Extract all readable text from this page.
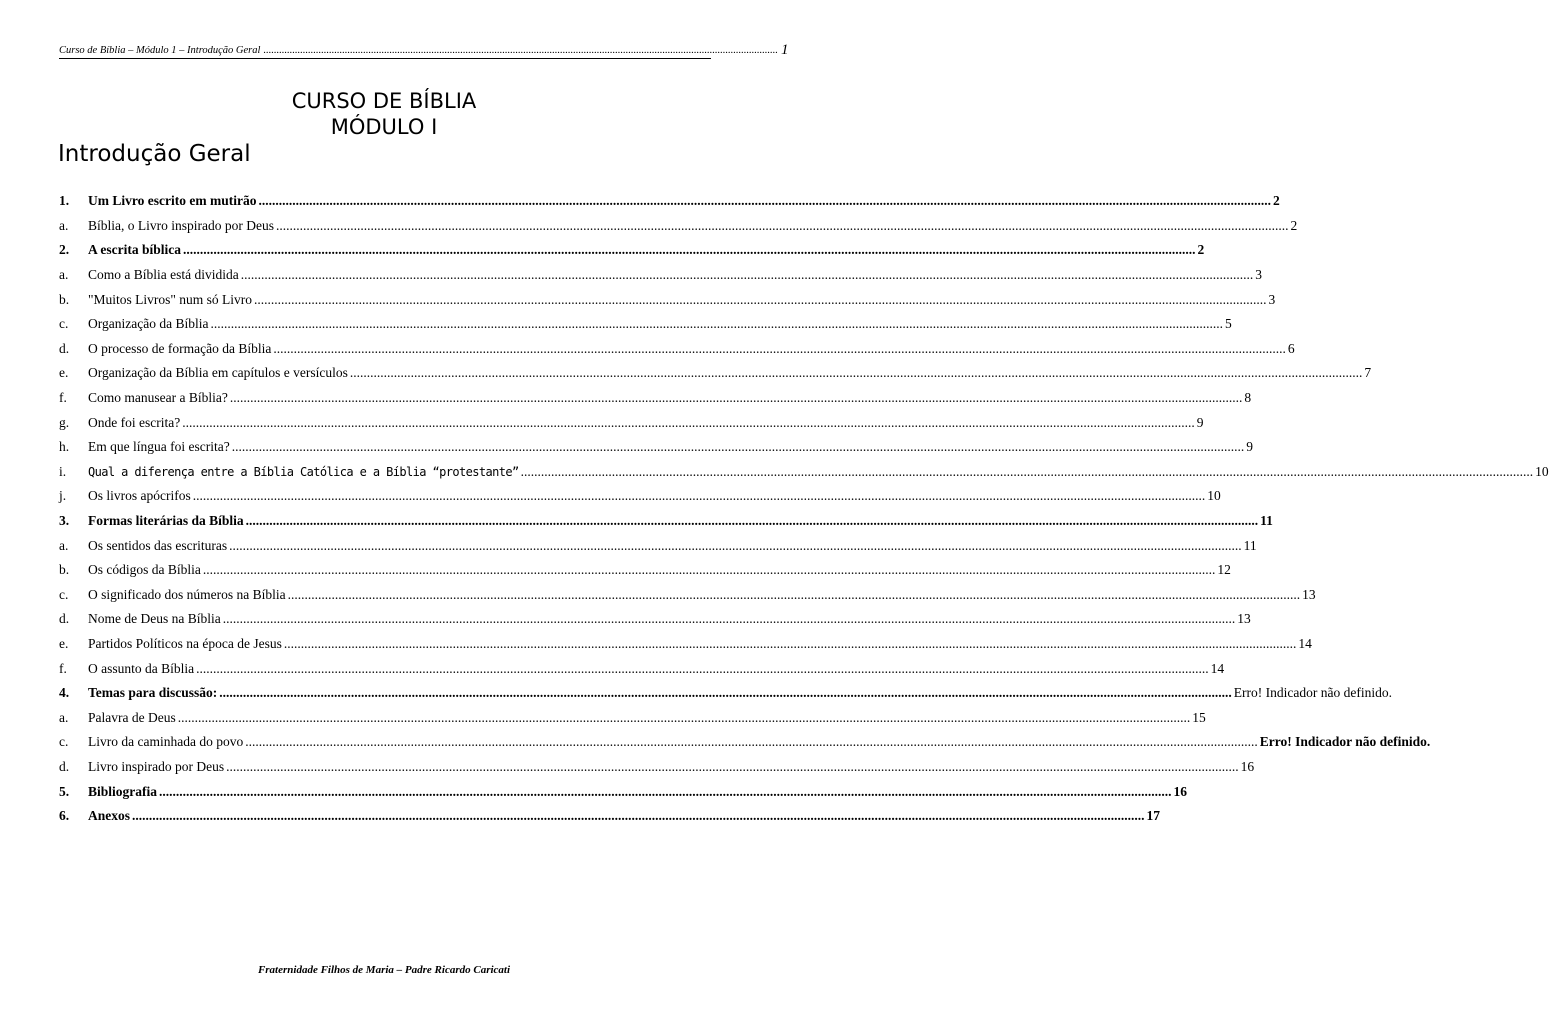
Curso de Bíblia – Módulo 1 – Introdução Geral .................................................................................................................................................................................................... 1
CURSO DE BÍBLIA
MÓDULO I
Introdução Geral
1.	Um Livro escrito em mutirão ............................................................................................................................................................................................................................................................................................................ 2
a.	Bíblia, o Livro inspirado por Deus ............................................................................................................................................................................................................................................................................................................ 2
2.	A escrita bíblica ............................................................................................................................................................................................................................................................................................................ 2
a.	Como a Bíblia está dividida ............................................................................................................................................................................................................................................................................................................ 3
b.	"Muitos Livros" num só Livro ............................................................................................................................................................................................................................................................................................................ 3
c.	Organização da Bíblia ............................................................................................................................................................................................................................................................................................................ 5
d.	O processo de formação da Bíblia ............................................................................................................................................................................................................................................................................................................ 6
e.	Organização da Bíblia em capítulos e versículos ............................................................................................................................................................................................................................................................................................................ 7
f.	Como manusear a Bíblia? ............................................................................................................................................................................................................................................................................................................ 8
g.	Onde foi escrita? ............................................................................................................................................................................................................................................................................................................ 9
h.	Em que língua foi escrita? ............................................................................................................................................................................................................................................................................................................ 9
i.	Qual a diferença entre a Bíblia Católica e a Bíblia “protestante” ............................................................................................................................................................................................................................................................................................................ 10
j.	Os livros apócrifos ............................................................................................................................................................................................................................................................................................................ 10
3.	Formas literárias da Bíblia ............................................................................................................................................................................................................................................................................................................ 11
a.	Os sentidos das escrituras ............................................................................................................................................................................................................................................................................................................ 11
b.	Os códigos da Bíblia ............................................................................................................................................................................................................................................................................................................ 12
c.	O significado dos números na Bíblia ............................................................................................................................................................................................................................................................................................................ 13
d.	Nome de Deus na Bíblia ............................................................................................................................................................................................................................................................................................................ 13
e.	Partidos Políticos na época de Jesus ............................................................................................................................................................................................................................................................................................................ 14
f.	O assunto da Bíblia ............................................................................................................................................................................................................................................................................................................ 14
4.	Temas para discussão: ............................................................................................................................................................................................................................................................................................................ Erro! Indicador não definido.
a.	Palavra de Deus ............................................................................................................................................................................................................................................................................................................ 15
c.	Livro da caminhada do povo ............................................................................................................................................................................................................................................................................................................ Erro! Indicador não definido.
d.	Livro inspirado por Deus ............................................................................................................................................................................................................................................................................................................ 16
5.	Bibliografia ............................................................................................................................................................................................................................................................................................................ 16
6.	Anexos ............................................................................................................................................................................................................................................................................................................ 17
Fraternidade Filhos de Maria – Padre Ricardo Caricati
